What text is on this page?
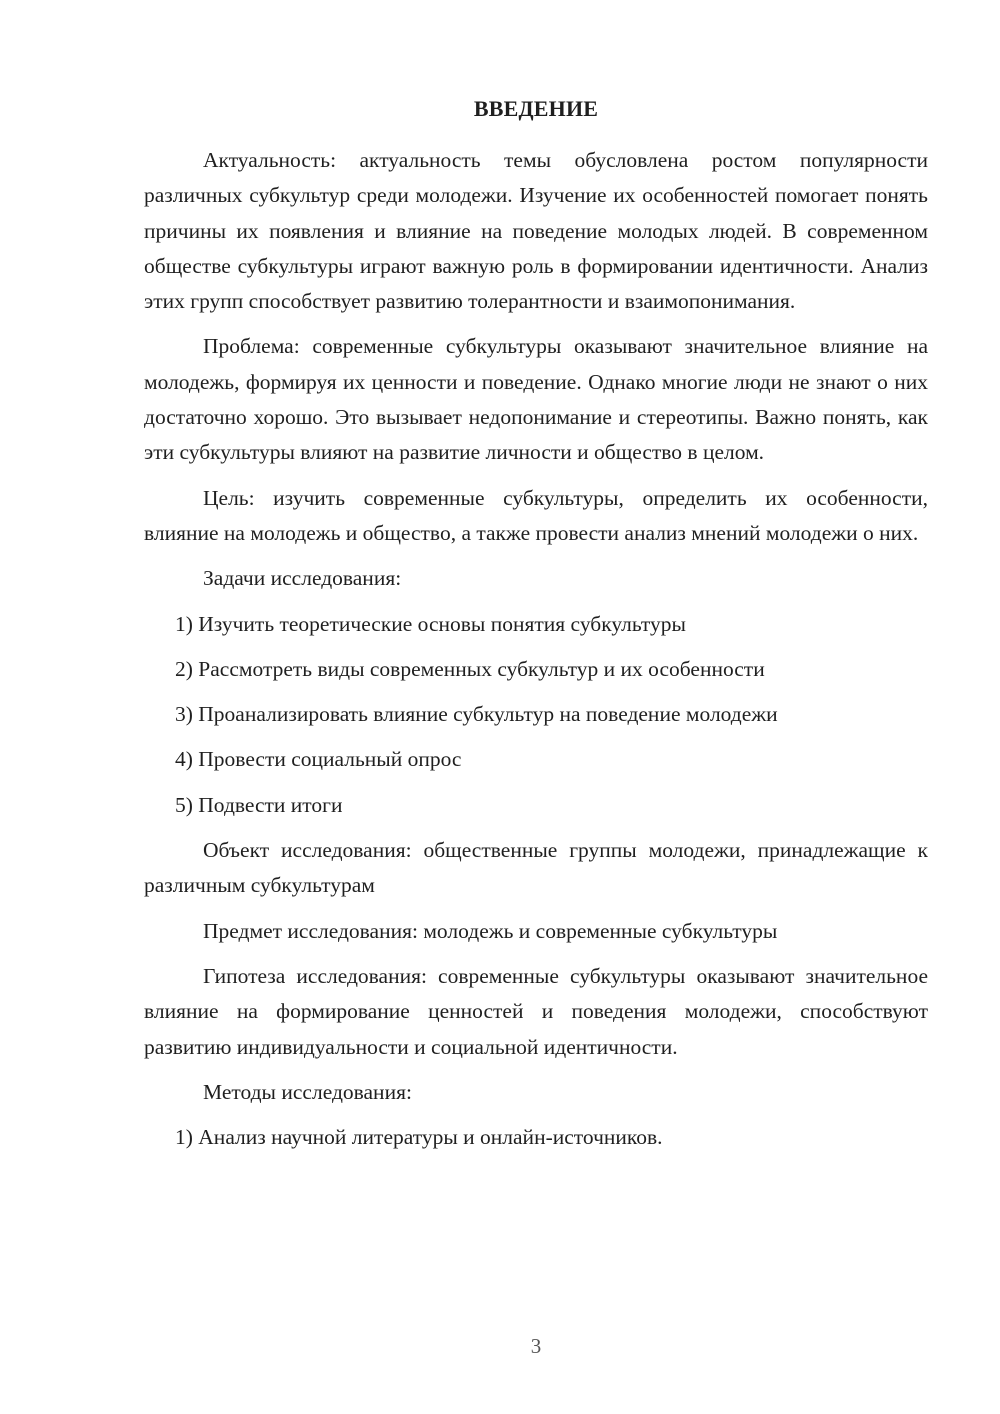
ВВЕДЕНИЕ

Актуальность: актуальность темы обусловлена ростом популярности различных субкультур среди молодежи. Изучение их особенностей помогает понять причины их появления и влияние на поведение молодых людей. В современном обществе субкультуры играют важную роль в формировании идентичности. Анализ этих групп способствует развитию толерантности и взаимопонимания.

Проблема: современные субкультуры оказывают значительное влияние на молодежь, формируя их ценности и поведение. Однако многие люди не знают о них достаточно хорошо. Это вызывает недопонимание и стереотипы. Важно понять, как эти субкультуры влияют на развитие личности и общество в целом.

Цель: изучить современные субкультуры, определить их особенности, влияние на молодежь и общество, а также провести анализ мнений молодежи о них.

Задачи исследования:

1) Изучить теоретические основы понятия субкультуры

2) Рассмотреть виды современных субкультур и их особенности

3) Проанализировать влияние субкультур на поведение молодежи

4) Провести социальный опрос

5) Подвести итоги

Объект исследования: общественные группы молодежи, принадлежащие к различным субкультурам

Предмет исследования: молодежь и современные субкультуры

Гипотеза исследования: современные субкультуры оказывают значительное влияние на формирование ценностей и поведения молодежи, способствуют развитию индивидуальности и социальной идентичности.

Методы исследования:

1) Анализ научной литературы и онлайн-источников.

3
